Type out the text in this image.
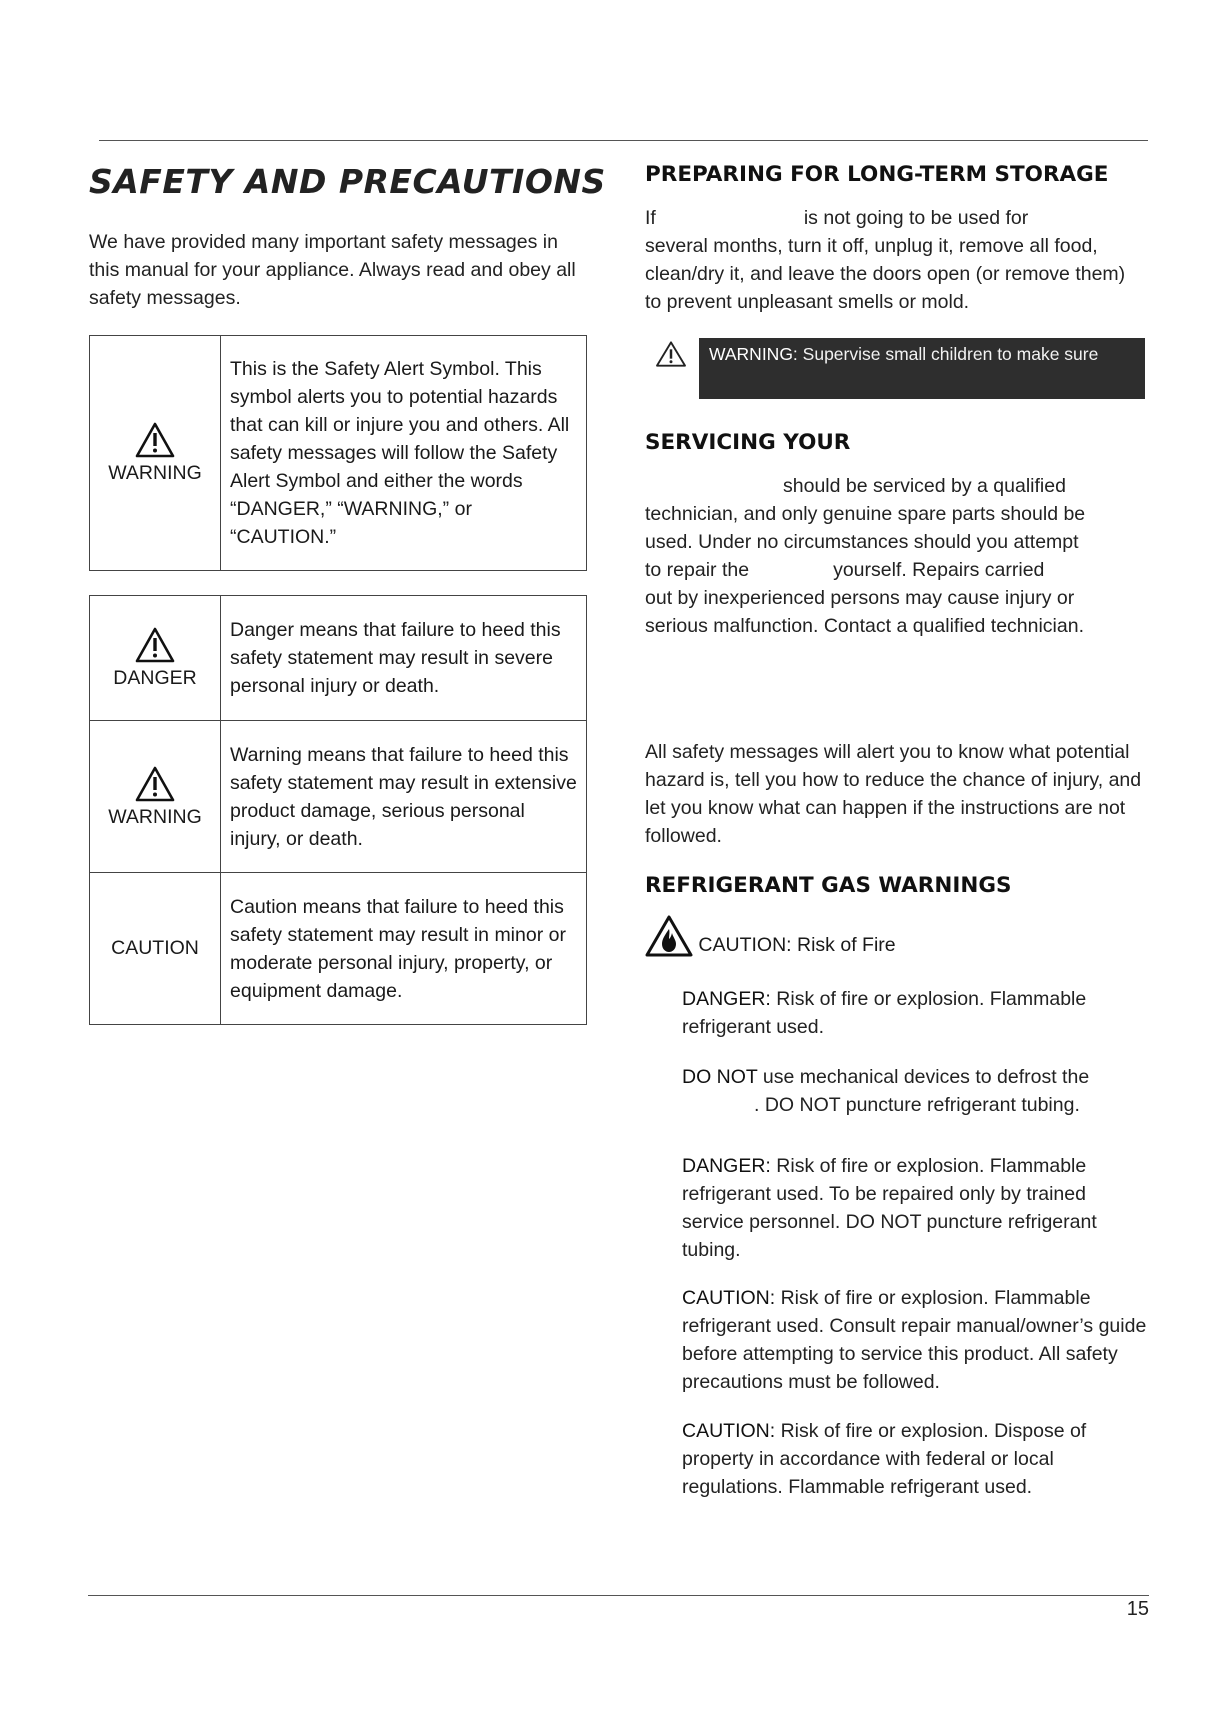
SAFETY AND PRECAUTIONS

We have provided many important safety messages in this manual for your appliance. Always read and obey all safety messages.

WARNING	This is the Safety Alert Symbol. This symbol alerts you to potential hazards that can kill or injure you and others. All safety messages will follow the Safety Alert Symbol and either the words “DANGER,” “WARNING,” or “CAUTION.”
DANGER	Danger means that failure to heed this safety statement may result in severe personal injury or death.

WARNING	Warning means that failure to heed this safety statement may result in extensive product damage, serious personal injury, or death.
CAUTION	Caution means that failure to heed this safety statement may result in minor or moderate personal injury, property, or equipment damage.
PREPARING FOR LONG-TERM STORAGE
If	is not going to be used for
several months, turn it off, unplug it, remove all food, clean/dry it, and leave the doors open (or remove them) to prevent unpleasant smells or mold.
WARNING: Supervise small children to make sure
SERVICING YOUR
should be serviced by a qualified
technician, and only genuine spare parts should be
used. Under no circumstances should you attempt
to repair the	yourself. Repairs carried
out by inexperienced persons may cause injury or
serious malfunction. Contact a qualified technician.

All safety messages will alert you to know what potential hazard is, tell you how to reduce the chance of injury, and let you know what can happen if the instructions are not followed.

REFRIGERANT GAS WARNINGS
CAUTION: Risk of Fire

DANGER: Risk of fire or explosion. Flammable refrigerant used.

DO NOT use mechanical devices to defrost the

. DO NOT puncture refrigerant tubing.

DANGER: Risk of fire or explosion. Flammable refrigerant used. To be repaired only by trained service personnel. DO NOT puncture refrigerant tubing.

CAUTION: Risk of fire or explosion. Flammable refrigerant used. Consult repair manual/owner’s guide before attempting to service this product. All safety precautions must be followed.

CAUTION: Risk of fire or explosion. Dispose of property in accordance with federal or local regulations. Flammable refrigerant used.

15
